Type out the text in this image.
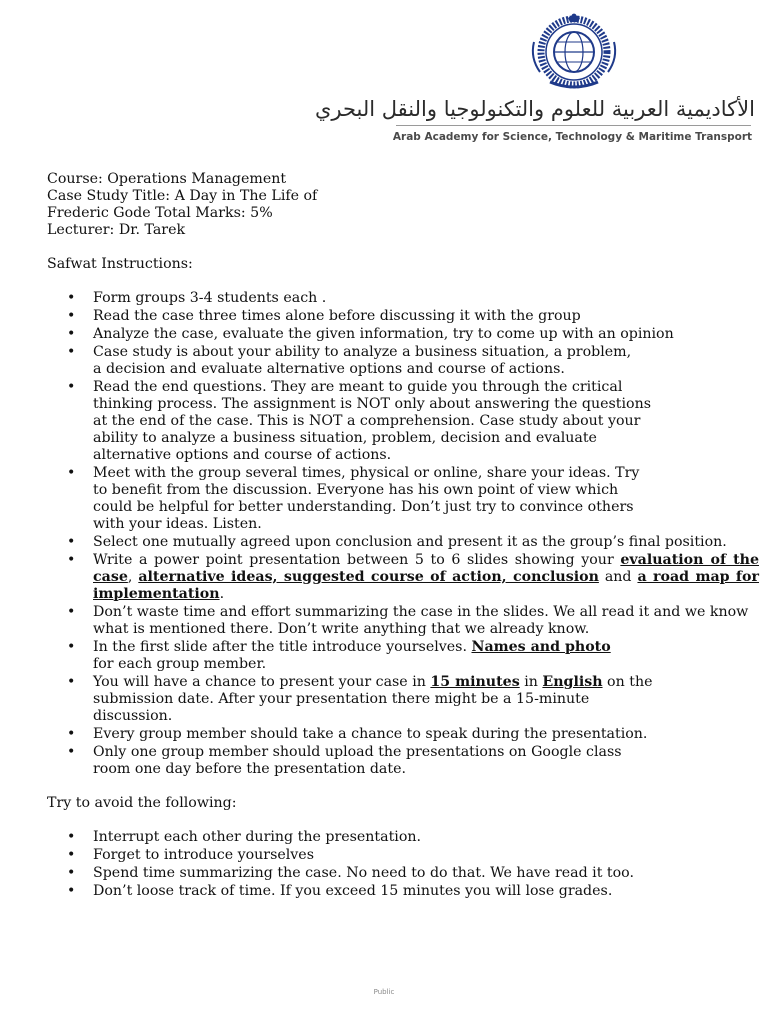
الأكاديمية العربية للعلوم والتكنولوجيا والنقل البحري
Arab Academy for Science, Technology & Maritime Transport
Course: Operations Management
Case Study Title: A Day in The Life of
Frederic Gode Total Marks: 5%
Lecturer: Dr. Tarek
Safwat Instructions:
• Form groups 3-4 students each .
• Read the case three times alone before discussing it with the group
• Analyze the case, evaluate the given information, try to come up with an opinion
• Case study is about your ability to analyze a business situation, a problem,
a decision and evaluate alternative options and course of actions.
• Read the end questions. They are meant to guide you through the critical
thinking process. The assignment is NOT only about answering the questions
at the end of the case. This is NOT a comprehension. Case study about your
ability to analyze a business situation, problem, decision and evaluate
alternative options and course of actions.
• Meet with the group several times, physical or online, share your ideas. Try
to benefit from the discussion. Everyone has his own point of view which
could be helpful for better understanding. Don’t just try to convince others
with your ideas. Listen.
• Select one mutually agreed upon conclusion and present it as the group’s final position.
• Write a power point presentation between 5 to 6 slides showing your evaluation of the case, alternative ideas, suggested course of action, conclusion and a road map for implementation.
• Don’t waste time and effort summarizing the case in the slides. We all read it and we know
what is mentioned there. Don’t write anything that we already know.
• In the first slide after the title introduce yourselves. Names and photo
for each group member.
• You will have a chance to present your case in 15 minutes in English on the
submission date. After your presentation there might be a 15-minute
discussion.
• Every group member should take a chance to speak during the presentation.
• Only one group member should upload the presentations on Google class
room one day before the presentation date.
Try to avoid the following:
• Interrupt each other during the presentation.
• Forget to introduce yourselves
• Spend time summarizing the case. No need to do that. We have read it too.
• Don’t loose track of time. If you exceed 15 minutes you will lose grades.
Public
